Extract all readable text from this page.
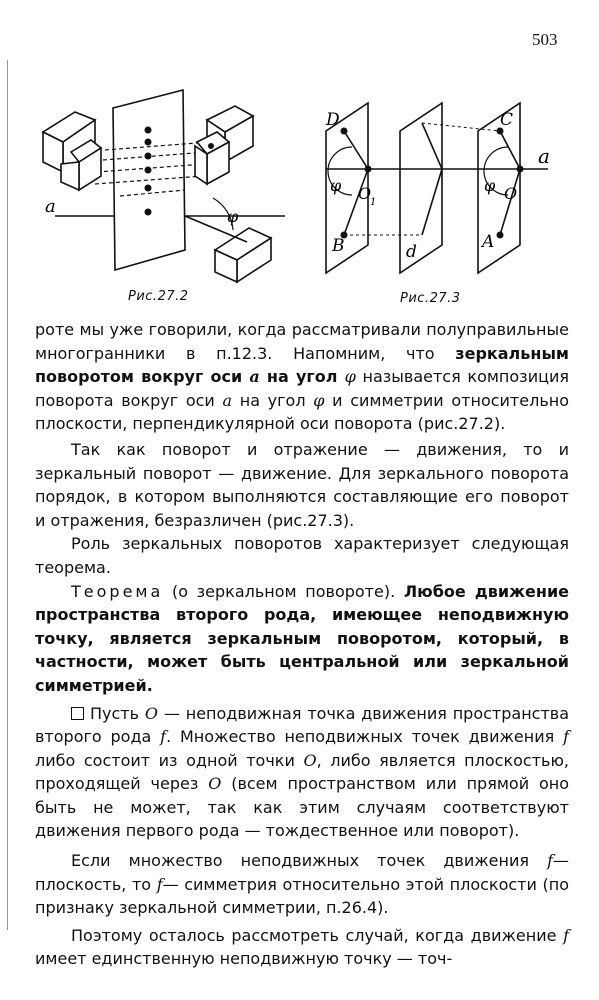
503
a	φ
Рис.27.2
D	C
a
φ	φ
O
1	O
B	d	A
Рис.27.3

роте мы уже говорили, когда рассматривали полуправильные многогранники в п.12.3. Напомним, что зеркальным поворотом вокруг оси a на угол φ называется композиция поворота вокруг оси a на угол φ и симметрии относительно плоскости, перпендикулярной оси поворота (рис.27.2).

Так как поворот и отражение — движения, то и зеркальный поворот — движение. Для зеркального поворота порядок, в котором выполняются составляющие его поворот и отражения, безразличен (рис.27.3).

Роль зеркальных поворотов характеризует следующая теорема.

Теорема (о зеркальном повороте). Любое движение пространства второго рода, имеющее неподвижную точку, является зеркальным поворотом, который, в частности, может быть центральной или зеркальной симметрией.

Пусть O — неподвижная точка движения пространства второго рода f. Множество неподвижных точек движения f либо состоит из одной точки O, либо является плоскостью, проходящей через O (всем пространством или прямой оно быть не может, так как этим случаям соответствуют движения первого рода — тождественное или поворот).

Если множество неподвижных точек движения f— плоскость, то f— симметрия относительно этой плоскости (по признаку зеркальной симметрии, п.26.4).

Поэтому осталось рассмотреть случай, когда движение f имеет единственную неподвижную точку — точ-
